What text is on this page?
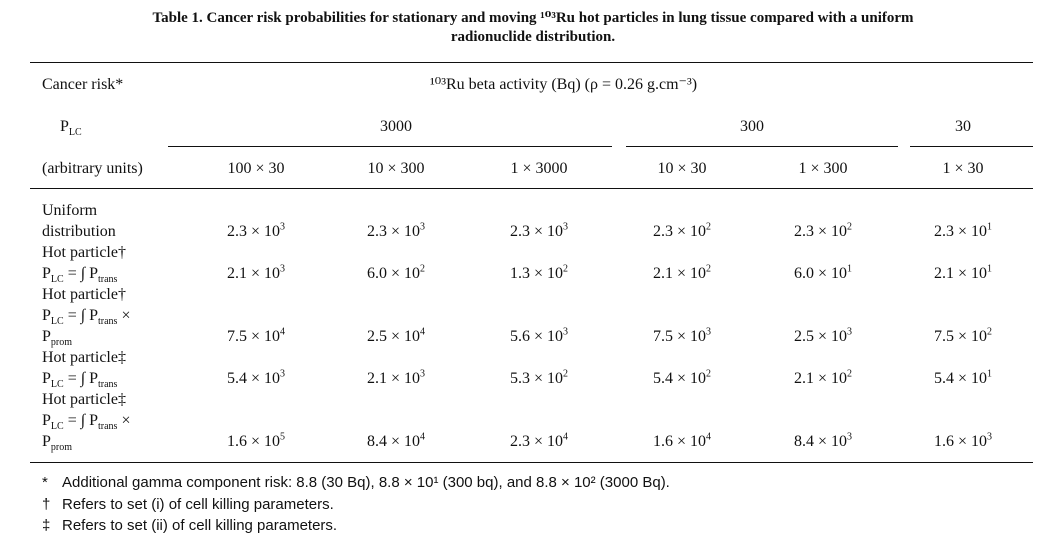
Table 1. Cancer risk probabilities for stationary and moving ¹⁰³Ru hot particles in lung tissue compared with a uniform
radionuclide distribution.
Cancer risk*	¹⁰³Ru beta activity (Bq) (ρ = 0.26 g.cm⁻³)
$P_{LC}$	3000	300	30
(arbitrary units)	100 × 30	10 × 300	1 × 3000	10 × 30	1 × 300	1 × 30
Uniform
distribution	$2.3 \times 10^3$	$2.3 \times 10^3$	$2.3 \times 10^3$	$2.3 \times 10^2$	$2.3 \times 10^2$	$2.3 \times 10^1$
Hot particle†
$P_{LC}$ = ∫ $P_{trans}$	$2.1 \times 10^3$	$6.0 \times 10^2$	$1.3 \times 10^2$	$2.1 \times 10^2$	$6.0 \times 10^1$	$2.1 \times 10^1$
Hot particle†
$P_{LC}$ = ∫ $P_{trans}$ ×
$P_{prom}$	$7.5 \times 10^4$	$2.5 \times 10^4$	$5.6 \times 10^3$	$7.5 \times 10^3$	$2.5 \times 10^3$	$7.5 \times 10^2$
Hot particle‡
$P_{LC}$ = ∫ $P_{trans}$	$5.4 \times 10^3$	$2.1 \times 10^3$	$5.3 \times 10^2$	$5.4 \times 10^2$	$2.1 \times 10^2$	$5.4 \times 10^1$
Hot particle‡
$P_{LC}$ = ∫ $P_{trans}$ ×
$P_{prom}$	$1.6 \times 10^5$	$8.4 \times 10^4$	$2.3 \times 10^4$	$1.6 \times 10^4$	$8.4 \times 10^3$	$1.6 \times 10^3$
* Additional gamma component risk: 8.8 (30 Bq), 8.8 × 10¹ (300 bq), and 8.8 × 10² (3000 Bq).
† Refers to set (i) of cell killing parameters.
‡ Refers to set (ii) of cell killing parameters.
